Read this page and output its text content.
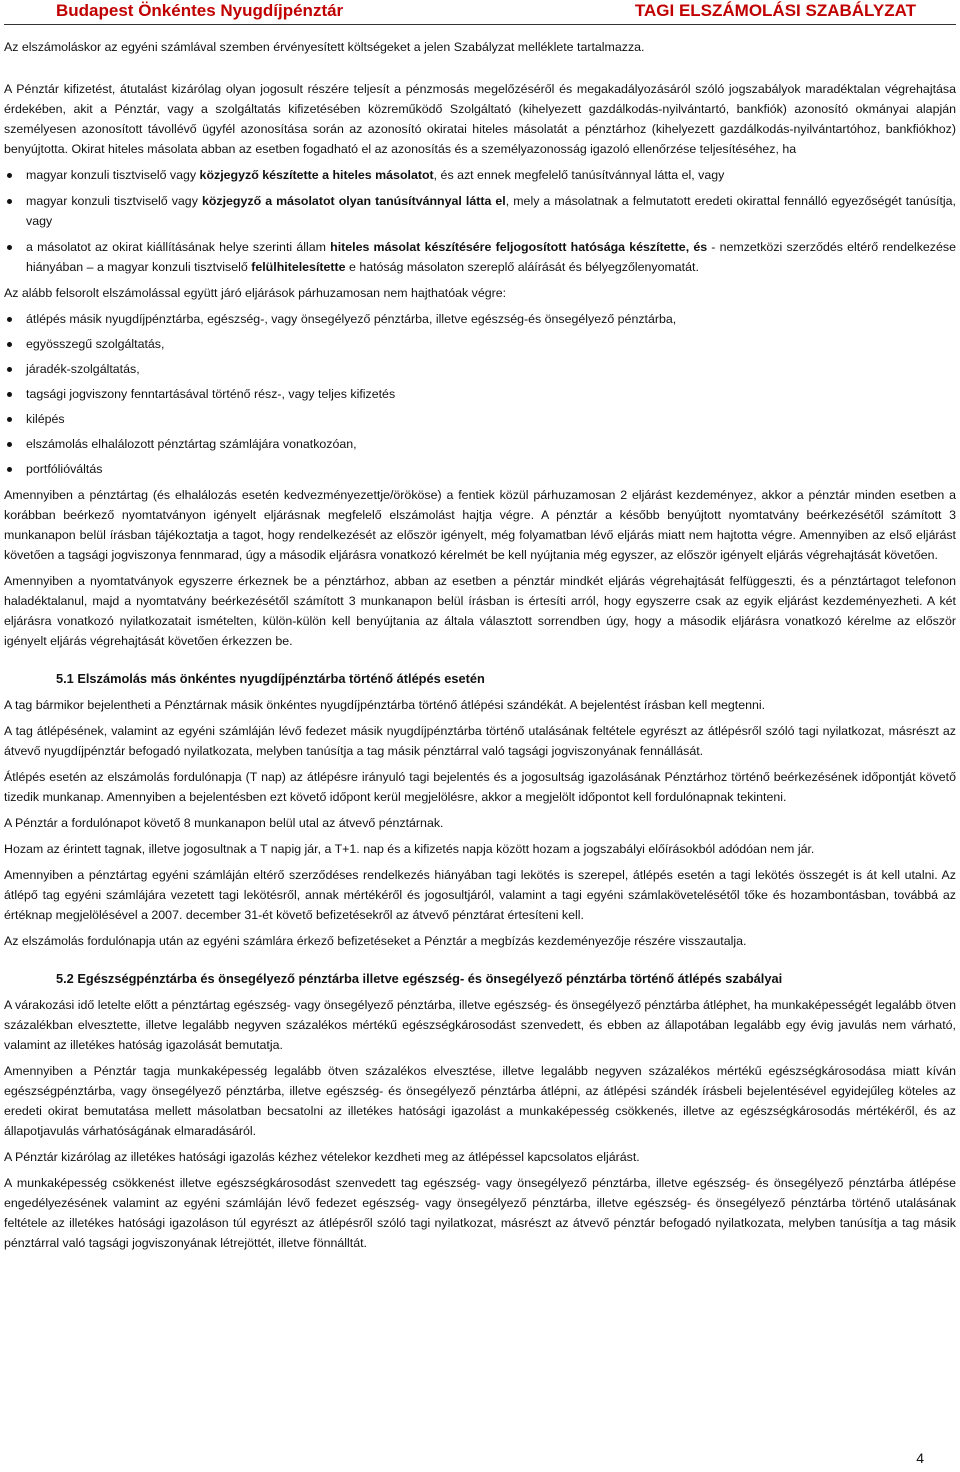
Budapest Önkéntes Nyugdíjpénztár	TAGI ELSZÁMOLÁSI SZABÁLYZAT

Az elszámoláskor az egyéni számlával szemben érvényesített költségeket a jelen Szabályzat melléklete tartalmazza.

A Pénztár kifizetést, átutalást kizárólag olyan jogosult részére teljesít a pénzmosás megelőzéséről és megakadályozásáról szóló jogszabályok maradéktalan végrehajtása érdekében, akit a Pénztár, vagy a szolgáltatás kifizetésében közreműködő Szolgáltató (kihelyezett gazdálkodás-nyilvántartó, bankfiók) azonosító okmányai alapján személyesen azonosított távollévő ügyfél azonosítása során az azonosító okiratai hiteles másolatát a pénztárhoz (kihelyezett gazdálkodás-nyilvántartóhoz, bankfiókhoz) benyújtotta. Okirat hiteles másolata abban az esetben fogadható el az azonosítás és a személyazonosság igazoló ellenőrzése teljesítéséhez, ha

magyar konzuli tisztviselő vagy közjegyző készítette a hiteles másolatot, és azt ennek megfelelő tanúsítvánnyal látta el, vagy
magyar konzuli tisztviselő vagy közjegyző a másolatot olyan tanúsítvánnyal látta el, mely a másolatnak a felmutatott eredeti okirattal fennálló egyezőségét tanúsítja, vagy
a másolatot az okirat kiállításának helye szerinti állam hiteles másolat készítésére feljogosított hatósága készítette, és - nemzetközi szerződés eltérő rendelkezése hiányában – a magyar konzuli tisztviselő felülhitelesítette e hatóság másolaton szereplő aláírását és bélyegzőlenyomatát.

Az alább felsorolt elszámolással együtt járó eljárások párhuzamosan nem hajthatóak végre:

átlépés másik nyugdíjpénztárba, egészség-, vagy önsegélyező pénztárba, illetve egészség-és önsegélyező pénztárba,
egyösszegű szolgáltatás,
járadék-szolgáltatás,
tagsági jogviszony fenntartásával történő rész-, vagy teljes kifizetés
kilépés
elszámolás elhalálozott pénztártag számlájára vonatkozóan,
portfólióváltás

Amennyiben a pénztártag (és elhalálozás esetén kedvezményezettje/örököse) a fentiek közül párhuzamosan 2 eljárást kezdeményez, akkor a pénztár minden esetben a korábban beérkező nyomtatványon igényelt eljárásnak megfelelő elszámolást hajtja végre. A pénztár a később benyújtott nyomtatvány beérkezésétől számított 3 munkanapon belül írásban tájékoztatja a tagot, hogy rendelkezését az először igényelt, még folyamatban lévő eljárás miatt nem hajtotta végre. Amennyiben az első eljárást követően a tagsági jogviszonya fennmarad, úgy a második eljárásra vonatkozó kérelmét be kell nyújtania még egyszer, az először igényelt eljárás végrehajtását követően.

Amennyiben a nyomtatványok egyszerre érkeznek be a pénztárhoz, abban az esetben a pénztár mindkét eljárás végrehajtását felfüggeszti, és a pénztártagot telefonon haladéktalanul, majd a nyomtatvány beérkezésétől számított 3 munkanapon belül írásban is értesíti arról, hogy egyszerre csak az egyik eljárást kezdeményezheti. A két eljárásra vonatkozó nyilatkozatait ismételten, külön-külön kell benyújtania az általa választott sorrendben úgy, hogy a második eljárásra vonatkozó kérelme az először igényelt eljárás végrehajtását követően érkezzen be.

5.1 Elszámolás más önkéntes nyugdíjpénztárba történő átlépés esetén

A tag bármikor bejelentheti a Pénztárnak másik önkéntes nyugdíjpénztárba történő átlépési szándékát. A bejelentést írásban kell megtenni.

A tag átlépésének, valamint az egyéni számláján lévő fedezet másik nyugdíjpénztárba történő utalásának feltétele egyrészt az átlépésről szóló tagi nyilatkozat, másrészt az átvevő nyugdíjpénztár befogadó nyilatkozata, melyben tanúsítja a tag másik pénztárral való tagsági jogviszonyának fennállását.

Átlépés esetén az elszámolás fordulónapja (T nap) az átlépésre irányuló tagi bejelentés és a jogosultság igazolásának Pénztárhoz történő beérkezésének időpontját követő tizedik munkanap. Amennyiben a bejelentésben ezt követő időpont kerül megjelölésre, akkor a megjelölt időpontot kell fordulónapnak tekinteni.

A Pénztár a fordulónapot követő 8 munkanapon belül utal az átvevő pénztárnak.

Hozam az érintett tagnak, illetve jogosultnak a T napig jár, a T+1. nap és a kifizetés napja között hozam a jogszabályi előírásokból adódóan nem jár.

Amennyiben a pénztártag egyéni számláján eltérő szerződéses rendelkezés hiányában tagi lekötés is szerepel, átlépés esetén a tagi lekötés összegét is át kell utalni. Az átlépő tag egyéni számlájára vezetett tagi lekötésről, annak mértékéről és jogosultjáról, valamint a tagi egyéni számlakövetelésétől tőke és hozambontásban, továbbá az értéknap megjelölésével a 2007. december 31-ét követő befizetésekről az átvevő pénztárat értesíteni kell.

Az elszámolás fordulónapja után az egyéni számlára érkező befizetéseket a Pénztár a megbízás kezdeményezője részére visszautalja.

5.2 Egészségpénztárba és önsegélyező pénztárba illetve egészség- és önsegélyező pénztárba történő átlépés szabályai

A várakozási idő letelte előtt a pénztártag egészség- vagy önsegélyező pénztárba, illetve egészség- és önsegélyező pénztárba átléphet, ha munkaképességét legalább ötven százalékban elvesztette, illetve legalább negyven százalékos mértékű egészségkárosodást szenvedett, és ebben az állapotában legalább egy évig javulás nem várható, valamint az illetékes hatóság igazolását bemutatja.

Amennyiben a Pénztár tagja munkaképesség legalább ötven százalékos elvesztése, illetve legalább negyven százalékos mértékű egészségkárosodása miatt kíván egészségpénztárba, vagy önsegélyező pénztárba, illetve egészség- és önsegélyező pénztárba átlépni, az átlépési szándék írásbeli bejelentésével egyidejűleg köteles az eredeti okirat bemutatása mellett másolatban becsatolni az illetékes hatósági igazolást a munkaképesség csökkenés, illetve az egészségkárosodás mértékéről, és az állapotjavulás várhatóságának elmaradásáról.

A Pénztár kizárólag az illetékes hatósági igazolás kézhez vételekor kezdheti meg az átlépéssel kapcsolatos eljárást.

A munkaképesség csökkenést illetve egészségkárosodást szenvedett tag egészség- vagy önsegélyező pénztárba, illetve egészség- és önsegélyező pénztárba átlépése engedélyezésének valamint az egyéni számláján lévő fedezet egészség- vagy önsegélyező pénztárba, illetve egészség- és önsegélyező pénztárba történő utalásának feltétele az illetékes hatósági igazoláson túl egyrészt az átlépésről szóló tagi nyilatkozat, másrészt az átvevő pénztár befogadó nyilatkozata, melyben tanúsítja a tag másik pénztárral való tagsági jogviszonyának létrejöttét, illetve fönnálltát.

4
